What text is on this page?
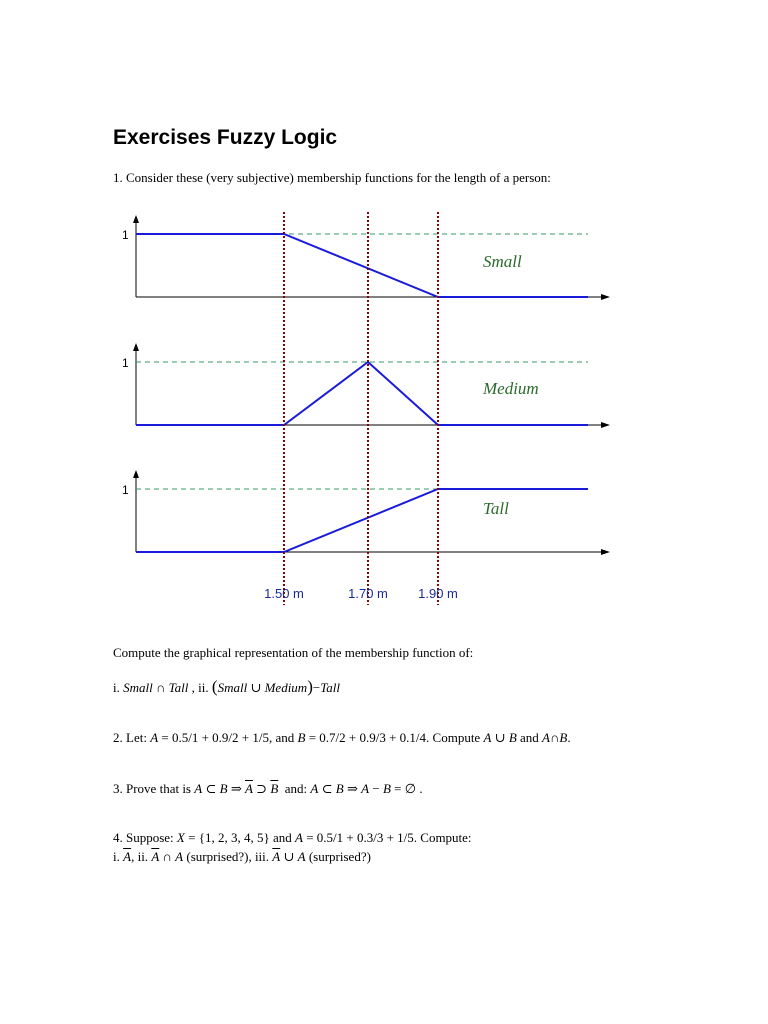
Exercises Fuzzy Logic
1. Consider these (very subjective) membership functions for the length of a person:
1
Small
1
Medium
1
Tall
1.50 m	1.70 m 1.90 m
Compute the graphical representation of the membership function of:
i. Small ∩ Tall , ii. (Small ∪ Medium)−Tall
2. Let: A = 0.5/1 + 0.9/2 + 1/5, and B = 0.7/2 + 0.9/3 + 0.1/4. Compute A ∪ B and A∩B.
3. Prove that is A ⊂ B ⇒ $\overline{A}$ ⊃ $\overline{B}$ and: A ⊂ B ⇒ A − B = ∅ .
4. Suppose: X = {1, 2, 3, 4, 5} and A = 0.5/1 + 0.3/3 + 1/5. Compute:
i. $\overline{A}$, ii. $\overline{A}$ ∩ A (surprised?), iii. $\overline{A}$ ∪ A (surprised?)
